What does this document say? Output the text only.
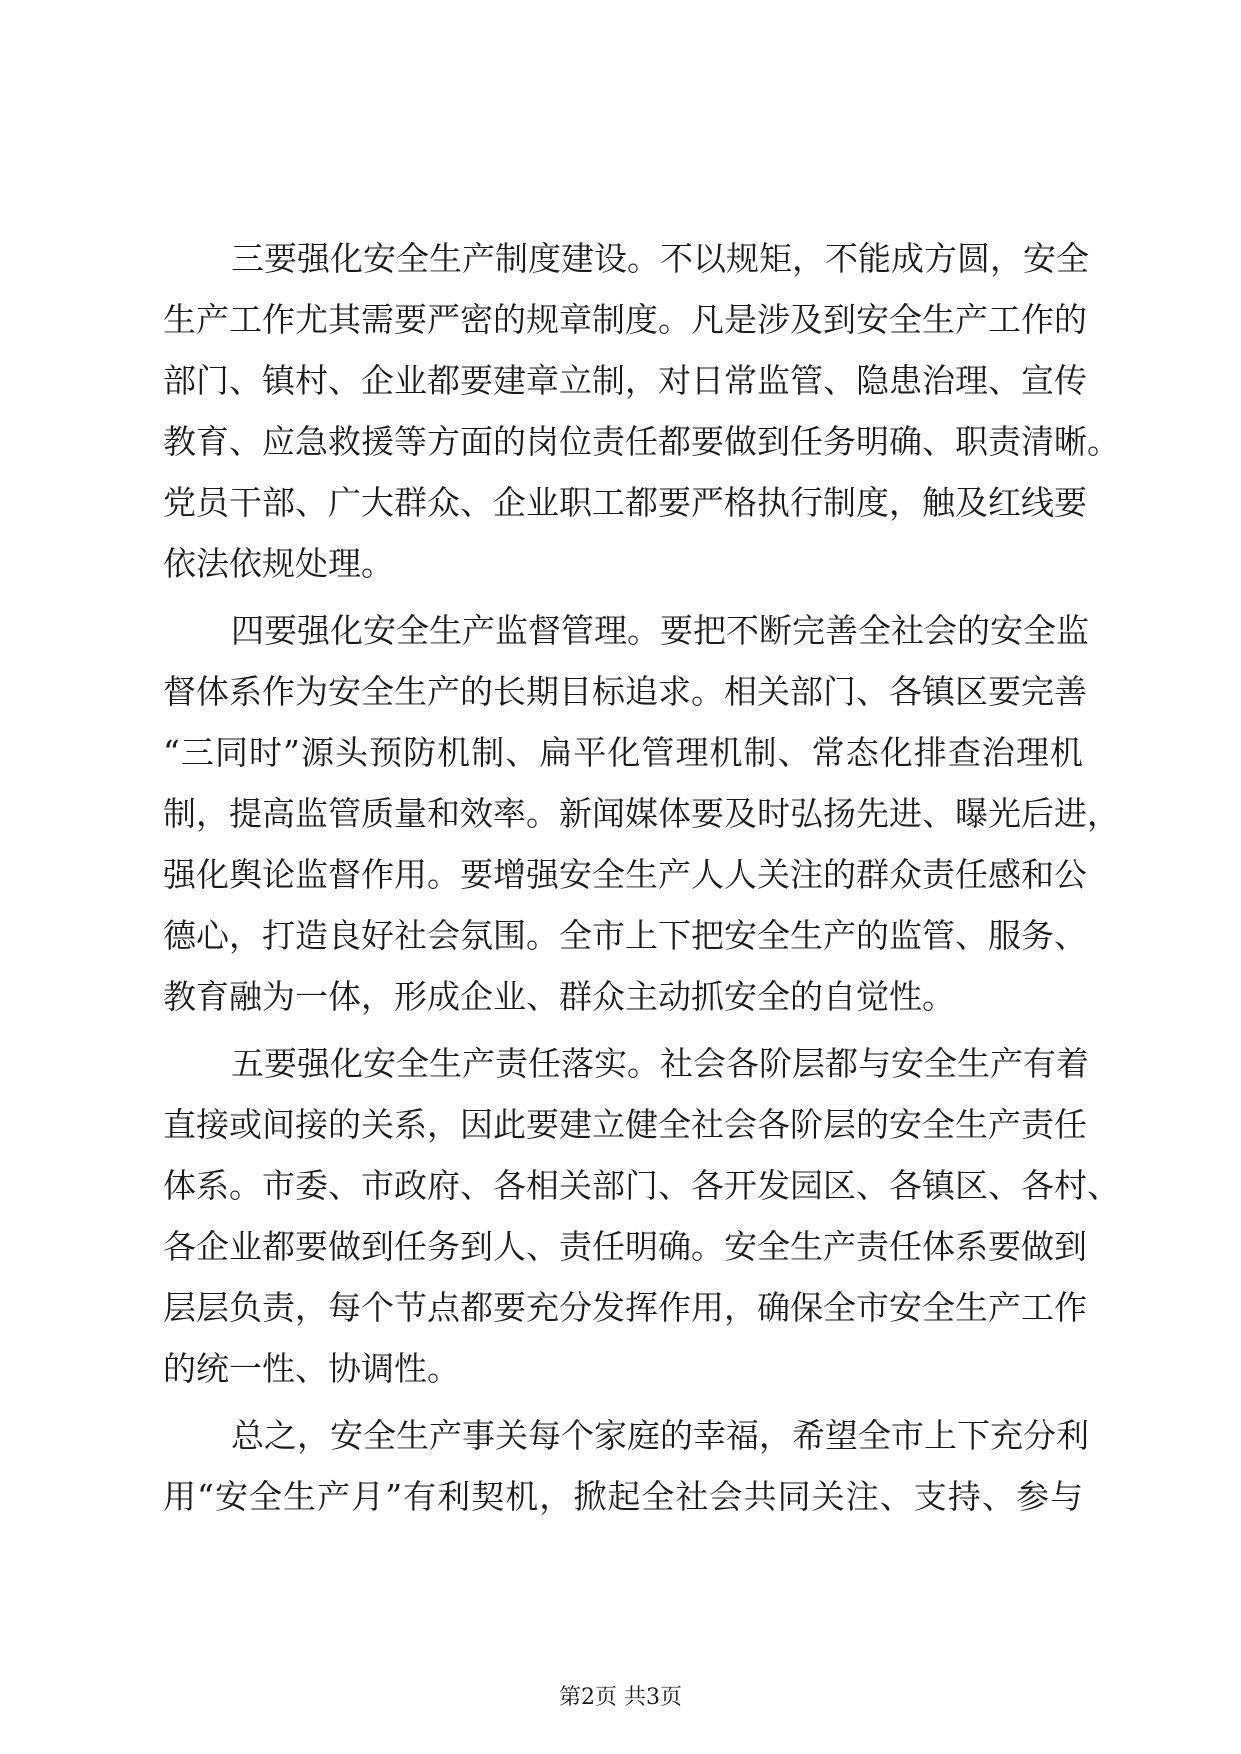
三要强化安全生产制度建设。不以规矩，不能成方圆，安全
生产工作尤其需要严密的规章制度。凡是涉及到安全生产工作的
部门、镇村、企业都要建章立制，对日常监管、隐患治理、宣传
教育、应急救援等方面的岗位责任都要做到任务明确、职责清晰。
党员干部、广大群众、企业职工都要严格执行制度，触及红线要
依法依规处理。
四要强化安全生产监督管理。要把不断完善全社会的安全监
督体系作为安全生产的长期目标追求。相关部门、各镇区要完善
“三同时”源头预防机制、扁平化管理机制、常态化排查治理机
制，提高监管质量和效率。新闻媒体要及时弘扬先进、曝光后进，
强化舆论监督作用。要增强安全生产人人关注的群众责任感和公
德心，打造良好社会氛围。全市上下把安全生产的监管、服务、
教育融为一体，形成企业、群众主动抓安全的自觉性。
五要强化安全生产责任落实。社会各阶层都与安全生产有着
直接或间接的关系，因此要建立健全社会各阶层的安全生产责任
体系。市委、市政府、各相关部门、各开发园区、各镇区、各村、
各企业都要做到任务到人、责任明确。安全生产责任体系要做到
层层负责，每个节点都要充分发挥作用，确保全市安全生产工作
的统一性、协调性。
总之，安全生产事关每个家庭的幸福，希望全市上下充分利
用“安全生产月”有利契机，掀起全社会共同关注、支持、参与
第2页 共3页
